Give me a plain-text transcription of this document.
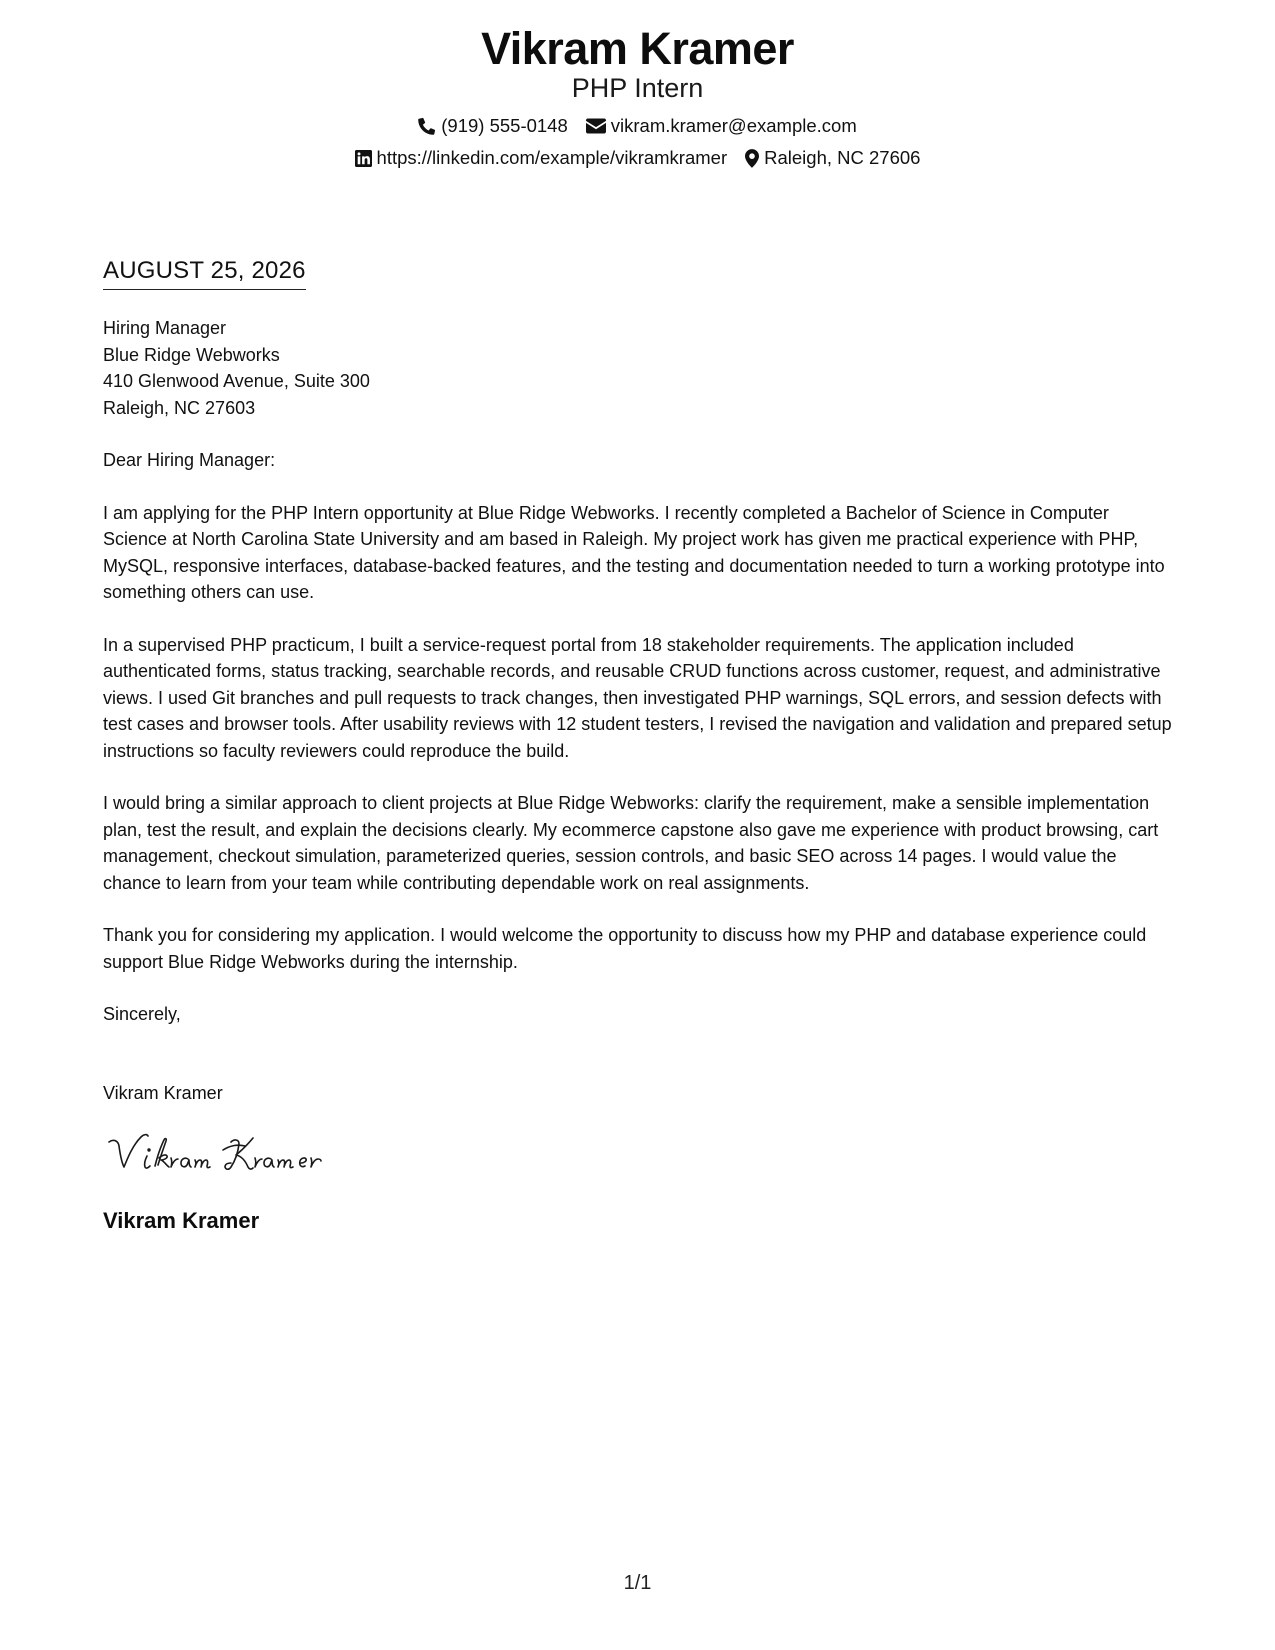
Vikram Kramer
PHP Intern
(919) 555-0148 vikram.kramer@example.com
https://linkedin.com/example/vikramkramer Raleigh, NC 27606
AUGUST 25, 2026
Hiring Manager
Blue Ridge Webworks
410 Glenwood Avenue, Suite 300
Raleigh, NC 27603

Dear Hiring Manager:

I am applying for the PHP Intern opportunity at Blue Ridge Webworks. I recently completed a Bachelor of Science in Computer Science at North Carolina State University and am based in Raleigh. My project work has given me practical experience with PHP, MySQL, responsive interfaces, database-backed features, and the testing and documentation needed to turn a working prototype into something others can use.

In a supervised PHP practicum, I built a service-request portal from 18 stakeholder requirements. The application included authenticated forms, status tracking, searchable records, and reusable CRUD functions across customer, request, and administrative views. I used Git branches and pull requests to track changes, then investigated PHP warnings, SQL errors, and session defects with test cases and browser tools. After usability reviews with 12 student testers, I revised the navigation and validation and prepared setup instructions so faculty reviewers could reproduce the build.

I would bring a similar approach to client projects at Blue Ridge Webworks: clarify the requirement, make a sensible implementation plan, test the result, and explain the decisions clearly. My ecommerce capstone also gave me experience with product browsing, cart management, checkout simulation, parameterized queries, session controls, and basic SEO across 14 pages. I would value the chance to learn from your team while contributing dependable work on real assignments.

Thank you for considering my application. I would welcome the opportunity to discuss how my PHP and database experience could support Blue Ridge Webworks during the internship.

Sincerely,

Vikram Kramer

Vikram Kramer
1/1
